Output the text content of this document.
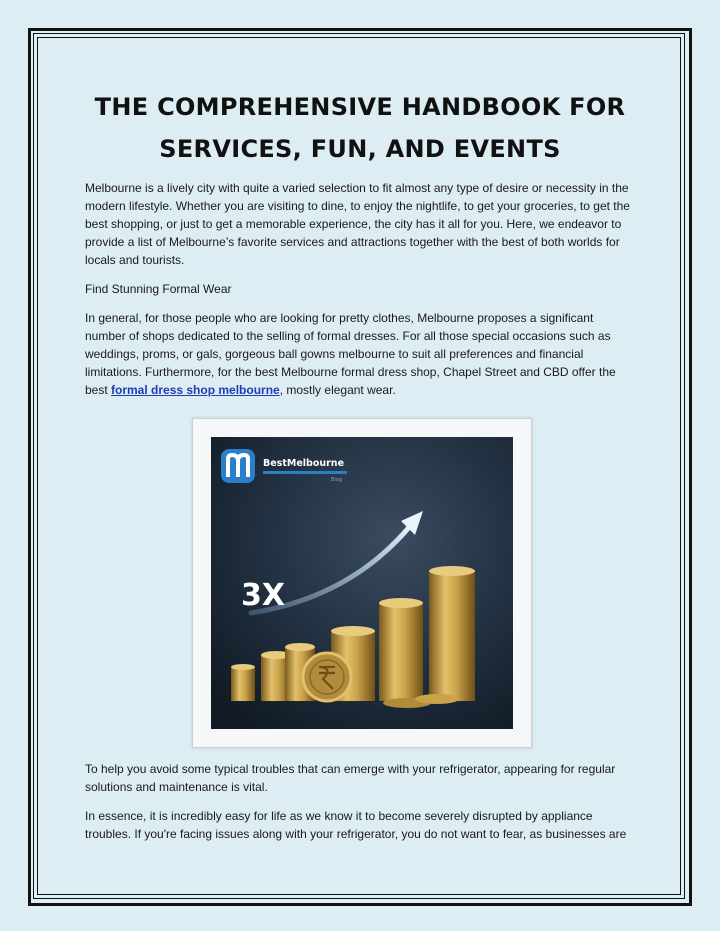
THE COMPREHENSIVE HANDBOOK FOR
SERVICES, FUN, AND EVENTS

Melbourne is a lively city with quite a varied selection to fit almost any type of desire or necessity in the modern lifestyle. Whether you are visiting to dine, to enjoy the nightlife, to get your groceries, to get the best shopping, or just to get a memorable experience, the city has it all for you. Here, we endeavor to provide a list of Melbourne’s favorite services and attractions together with the best of both worlds for locals and tourists.

Find Stunning Formal Wear

In general, for those people who are looking for pretty clothes, Melbourne proposes a significant number of shops dedicated to the selling of formal dresses. For all those special occasions such as weddings, proms, or gals, gorgeous ball gowns melbourne to suit all preferences and financial limitations. Furthermore, for the best Melbourne formal dress shop, Chapel Street and CBD offer the best formal dress shop melbourne, mostly elegant wear.

BestMelbourne
Blog
3X

To help you avoid some typical troubles that can emerge with your refrigerator, appearing for regular solutions and maintenance is vital.

In essence, it is incredibly easy for life as we know it to become severely disrupted by appliance troubles. If you're facing issues along with your refrigerator, you do not want to fear, as businesses are
